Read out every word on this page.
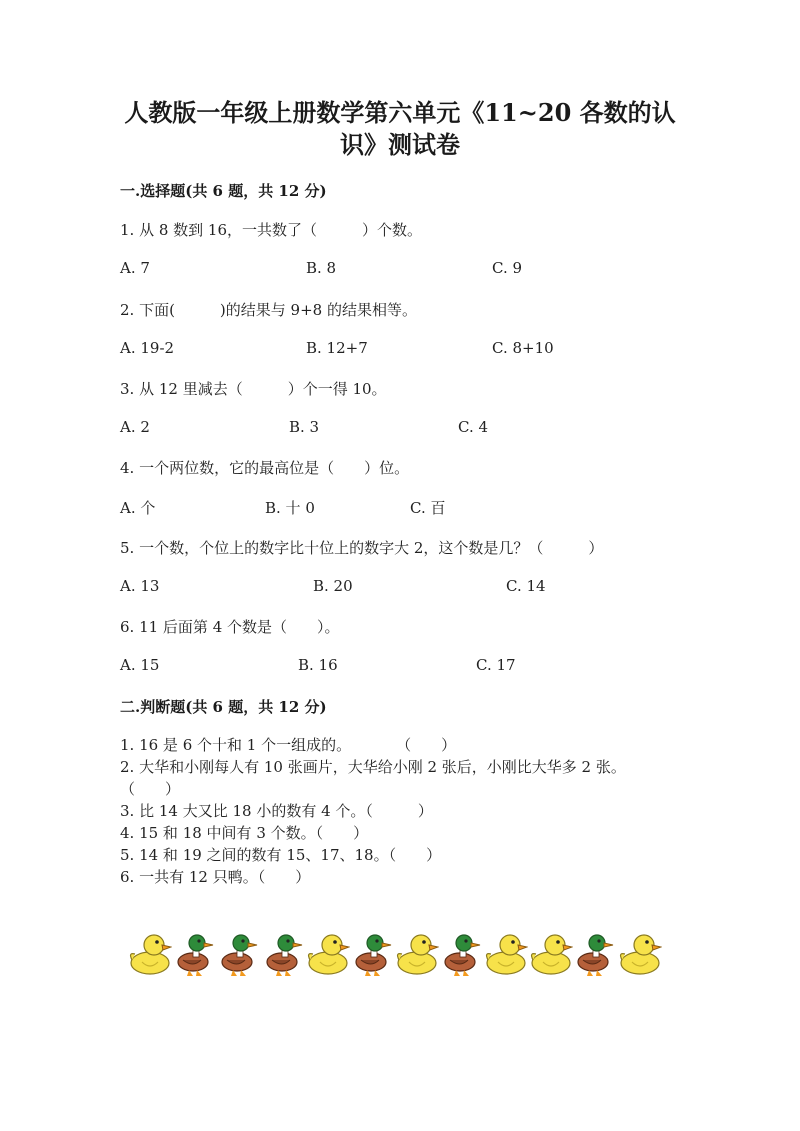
人教版一年级上册数学第六单元《11~20 各数的认
识》测试卷
一.选择题(共 6 题，共 12 分)
1. 从 8 数到 16，一共数了（　　　）个数。
A. 7	B. 8	C. 9
2. 下面(　　　)的结果与 9+8 的结果相等。
A. 19-2	B. 12+7	C. 8+10
3. 从 12 里减去（　　　）个一得 10。
A. 2	B. 3	C. 4
4. 一个两位数，它的最高位是（　　）位。
A. 个	B. 十 0	C. 百
5. 一个数，个位上的数字比十位上的数字大 2，这个数是几？（　　　）
A. 13	B. 20	C. 14
6. 11 后面第 4 个数是（　　）。
A. 15	B. 16	C. 17
二.判断题(共 6 题，共 12 分)
1. 16 是 6 个十和 1 个一组成的。　　　　（　　）
2. 大华和小刚每人有 10 张画片，大华给小刚 2 张后，小刚比大华多 2 张。
（　　）
3. 比 14 大又比 18 小的数有 4 个。（　　　）
4. 15 和 18 中间有 3 个数。（　　）
5. 14 和 19 之间的数有 15、17、18。（　　）
6. 一共有 12 只鸭。（　　）
